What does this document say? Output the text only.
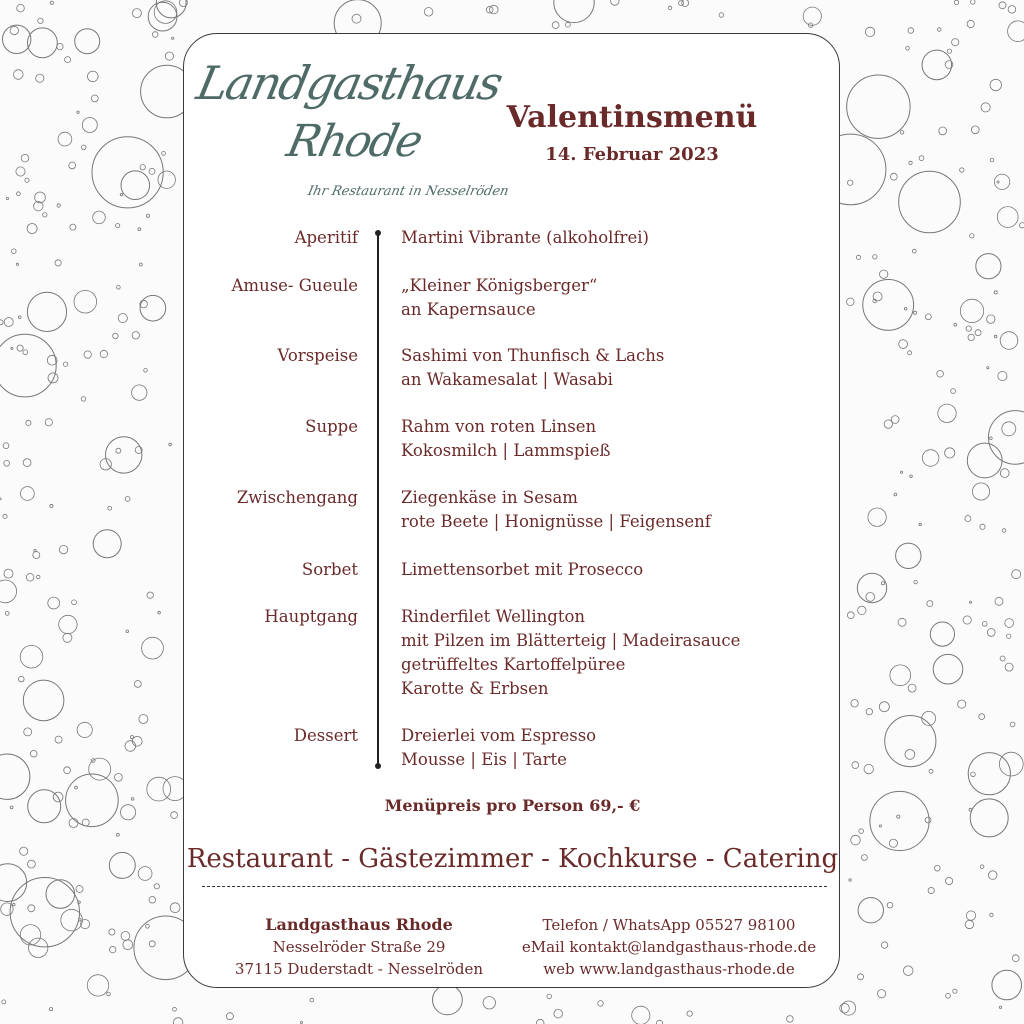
Landgasthaus
Rhode
Ihr Restaurant in Nesselröden
Valentinsmenü
14. Februar 2023
Aperitif	Martini Vibrante (alkoholfrei)
Amuse- Gueule	„Kleiner Königsberger“
an Kapernsauce
Vorspeise	Sashimi von Thunfisch & Lachs
an Wakamesalat | Wasabi
Suppe	Rahm von roten Linsen
Kokosmilch | Lammspieß
Zwischengang	Ziegenkäse in Sesam
rote Beete | Honignüsse | Feigensenf
Sorbet	Limettensorbet mit Prosecco
Hauptgang	Rinderfilet Wellington
mit Pilzen im Blätterteig | Madeirasauce
getrüffeltes Kartoffelpüree
Karotte & Erbsen
Dessert	Dreierlei vom Espresso
Mousse | Eis | Tarte
Menüpreis pro Person 69,- €
Restaurant - Gästezimmer - Kochkurse - Catering
Landgasthaus Rhode
Nesselröder Straße 29
37115 Duderstadt - Nesselröden
Telefon / WhatsApp 05527 98100
eMail kontakt@landgasthaus-rhode.de
web www.landgasthaus-rhode.de
